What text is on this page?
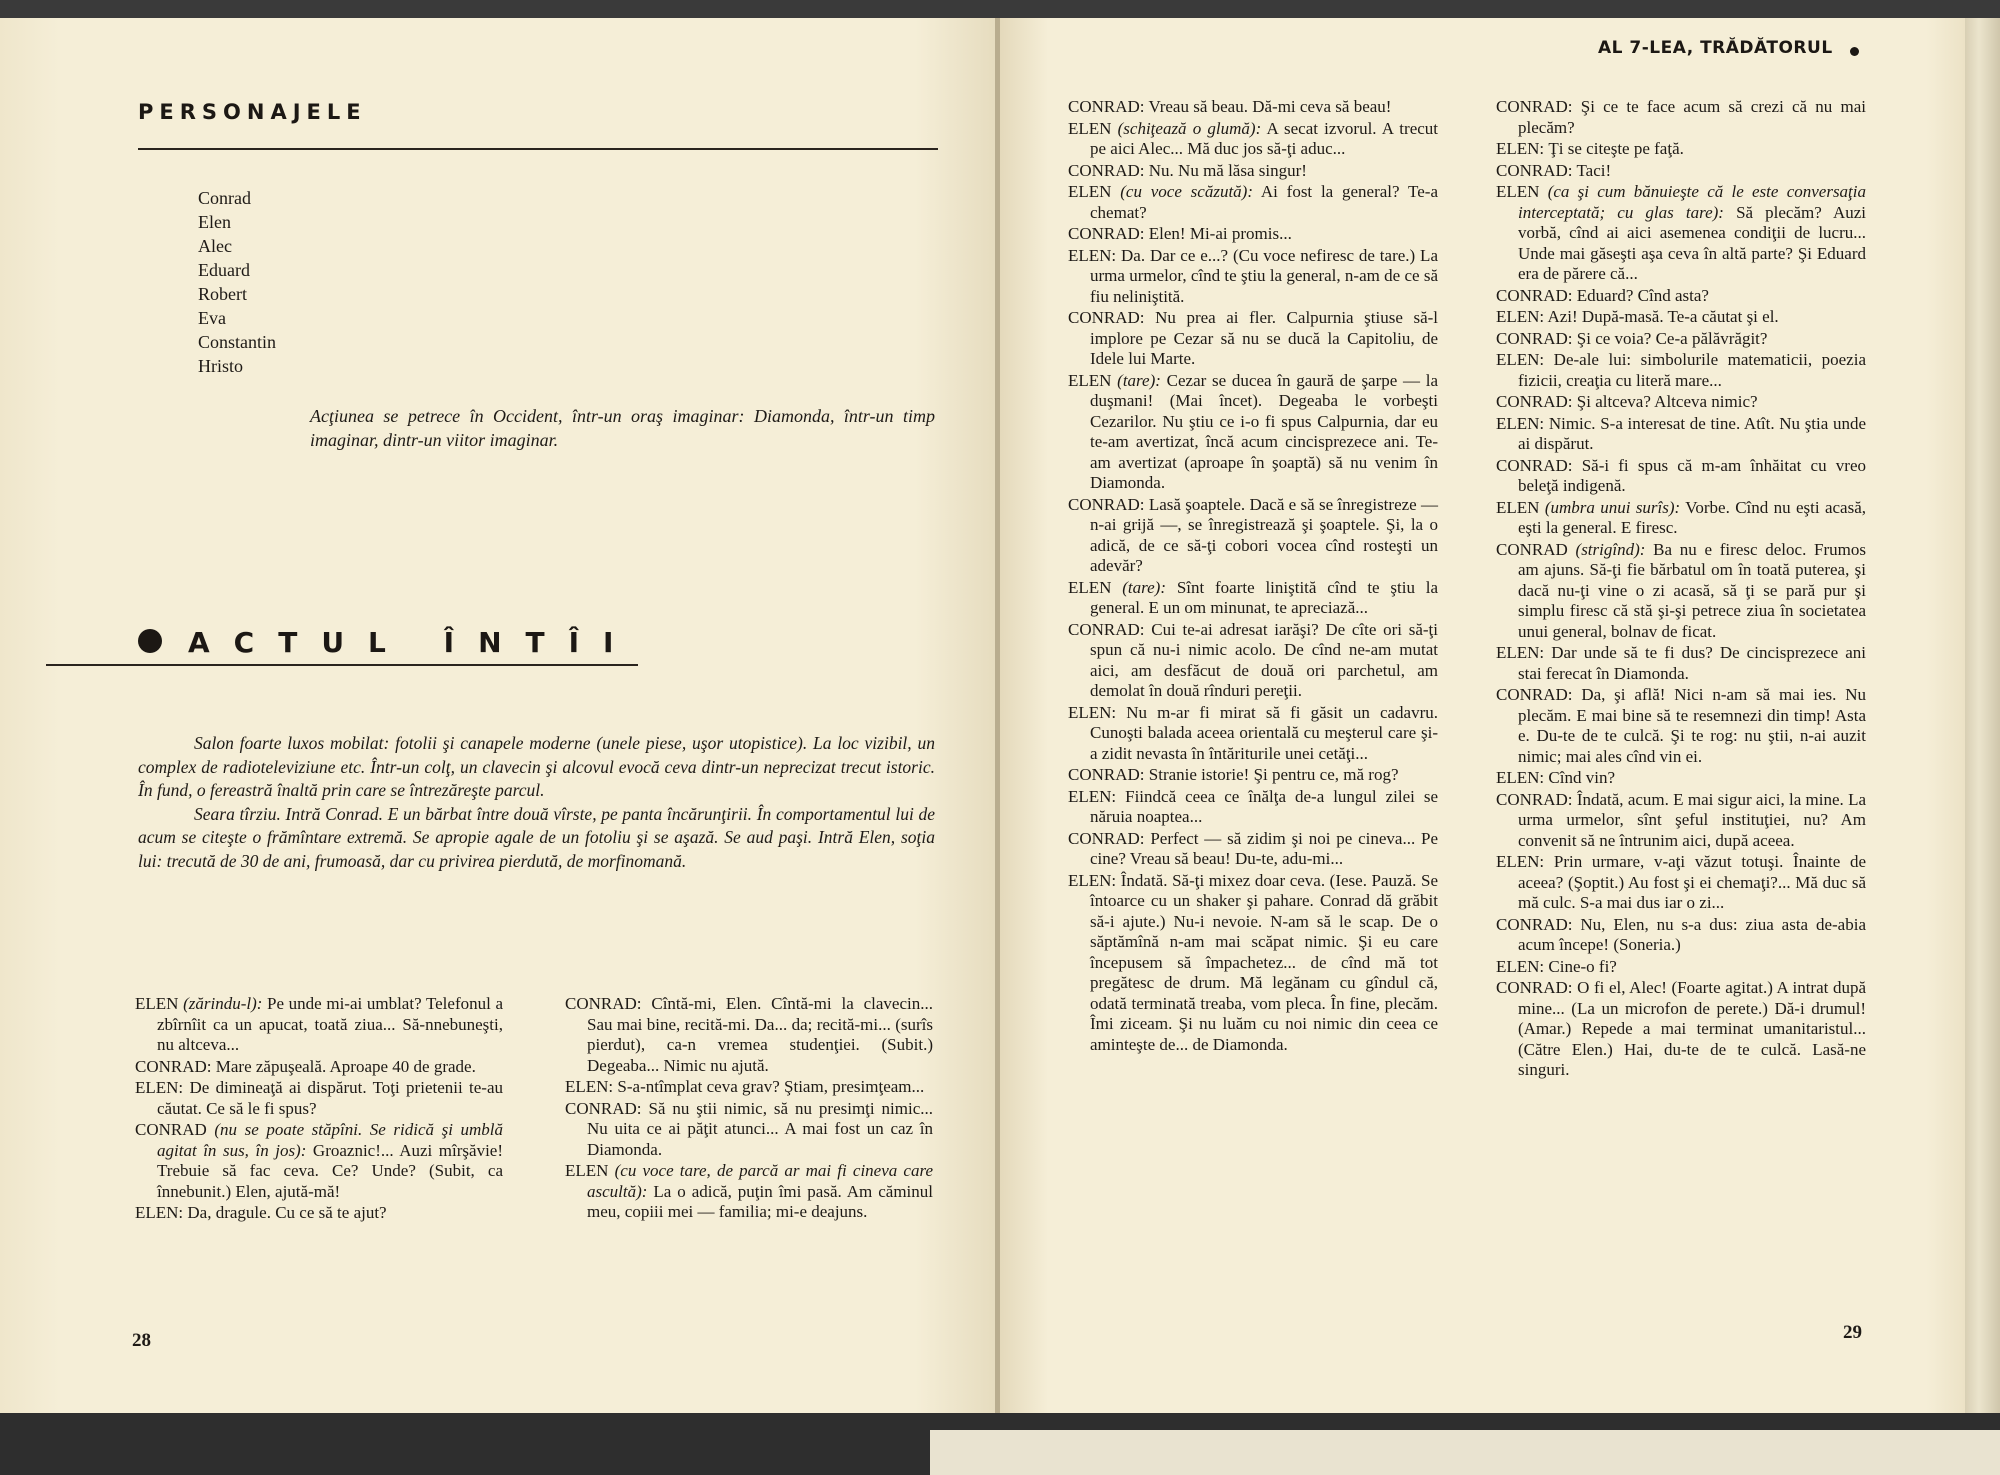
PERSONAJELE
Conrad
Elen
Alec
Eduard
Robert
Eva
Constantin
Hristo
Acţiunea se petrece în Occident, într-un oraş imaginar: Diamonda, într-un timp imaginar, dintr-un viitor imaginar.
ACTUL ÎNTÎI

Salon foarte luxos mobilat: fotolii şi canapele moderne (unele piese, uşor utopistice). La loc vizibil, un complex de radioteleviziune etc. Într-un colţ, un clavecin şi alcovul evocă ceva dintr-un neprecizat trecut istoric. În fund, o fereastră înaltă prin care se întrezăreşte parcul.

Seara tîrziu. Intră Conrad. E un bărbat între două vîrste, pe panta încărunţirii. În comportamentul lui de acum se citeşte o frămîntare extremă. Se apropie agale de un fotoliu şi se aşază. Se aud paşi. Intră Elen, soţia lui: trecută de 30 de ani, frumoasă, dar cu privirea pierdută, de morfinomană.

ELEN (zărindu-l): Pe unde mi-ai umblat? Telefonul a zbîrnîit ca un apucat, toată ziua... Să-nnebuneşti, nu altceva...

CONRAD: Mare zăpuşeală. Aproape 40 de grade.

ELEN: De dimineaţă ai dispărut. Toţi prietenii te-au căutat. Ce să le fi spus?

CONRAD (nu se poate stăpîni. Se ridică şi umblă agitat în sus, în jos): Groaznic!... Auzi mîrşăvie! Trebuie să fac ceva. Ce? Unde? (Subit, ca înnebunit.) Elen, ajută-mă!

ELEN: Da, dragule. Cu ce să te ajut?

CONRAD: Cîntă-mi, Elen. Cîntă-mi la clavecin... Sau mai bine, recită-mi. Da... da; recită-mi... (surîs pierdut), ca-n vremea studenţiei. (Subit.) Degeaba... Nimic nu ajută.

ELEN: S-a-ntîmplat ceva grav? Ştiam, presimţeam...

CONRAD: Să nu ştii nimic, să nu presimţi nimic... Nu uita ce ai păţit atunci... A mai fost un caz în Diamonda.

ELEN (cu voce tare, de parcă ar mai fi cineva care ascultă): La o adică, puţin îmi pasă. Am căminul meu, copiii mei — familia; mi-e deajuns.

28
AL 7-LEA, TRĂDĂTORUL

CONRAD: Vreau să beau. Dă-mi ceva să beau!

ELEN (schiţează o glumă): A secat izvorul. A trecut pe aici Alec... Mă duc jos să-ţi aduc...

CONRAD: Nu. Nu mă lăsa singur!

ELEN (cu voce scăzută): Ai fost la general? Te-a chemat?

CONRAD: Elen! Mi-ai promis...

ELEN: Da. Dar ce e...? (Cu voce nefiresc de tare.) La urma urmelor, cînd te ştiu la general, n-am de ce să fiu neliniştită.

CONRAD: Nu prea ai fler. Calpurnia ştiuse să-l implore pe Cezar să nu se ducă la Capitoliu, de Idele lui Marte.

ELEN (tare): Cezar se ducea în gaură de şarpe — la duşmani! (Mai încet). Degeaba le vorbeşti Cezarilor. Nu ştiu ce i-o fi spus Calpurnia, dar eu te-am avertizat, încă acum cincisprezece ani. Te-am avertizat (aproape în şoaptă) să nu venim în Diamonda.

CONRAD: Lasă şoaptele. Dacă e să se înregistreze — n-ai grijă —, se înregistrează şi şoaptele. Şi, la o adică, de ce să-ţi cobori vocea cînd rosteşti un adevăr?

ELEN (tare): Sînt foarte liniştită cînd te ştiu la general. E un om minunat, te apreciază...

CONRAD: Cui te-ai adresat iarăşi? De cîte ori să-ţi spun că nu-i nimic acolo. De cînd ne-am mutat aici, am desfăcut de două ori parchetul, am demolat în două rînduri pereţii.

ELEN: Nu m-ar fi mirat să fi găsit un cadavru. Cunoşti balada aceea orientală cu meşterul care şi-a zidit nevasta în întăriturile unei cetăţi...

CONRAD: Stranie istorie! Şi pentru ce, mă rog?

ELEN: Fiindcă ceea ce înălţa de-a lungul zilei se năruia noaptea...

CONRAD: Perfect — să zidim şi noi pe cineva... Pe cine? Vreau să beau! Du-te, adu-mi...

ELEN: Îndată. Să-ţi mixez doar ceva. (Iese. Pauză. Se întoarce cu un shaker şi pahare. Conrad dă grăbit să-i ajute.) Nu-i nevoie. N-am să le scap. De o săptămînă n-am mai scăpat nimic. Şi eu care începusem să împachetez... de cînd mă tot pregătesc de drum. Mă legănam cu gîndul că, odată terminată treaba, vom pleca. În fine, plecăm. Îmi ziceam. Şi nu luăm cu noi nimic din ceea ce aminteşte de... de Diamonda.

CONRAD: Şi ce te face acum să crezi că nu mai plecăm?

ELEN: Ţi se citeşte pe faţă.

CONRAD: Taci!

ELEN (ca şi cum bănuieşte că le este conversaţia interceptată; cu glas tare): Să plecăm? Auzi vorbă, cînd ai aici asemenea condiţii de lucru... Unde mai găseşti aşa ceva în altă parte? Şi Eduard era de părere că...

CONRAD: Eduard? Cînd asta?

ELEN: Azi! După-masă. Te-a căutat şi el.

CONRAD: Şi ce voia? Ce-a pălăvrăgit?

ELEN: De-ale lui: simbolurile matematicii, poezia fizicii, creaţia cu literă mare...

CONRAD: Şi altceva? Altceva nimic?

ELEN: Nimic. S-a interesat de tine. Atît. Nu ştia unde ai dispărut.

CONRAD: Să-i fi spus că m-am înhăitat cu vreo beleţă indigenă.

ELEN (umbra unui surîs): Vorbe. Cînd nu eşti acasă, eşti la general. E firesc.

CONRAD (strigînd): Ba nu e firesc deloc. Frumos am ajuns. Să-ţi fie bărbatul om în toată puterea, şi dacă nu-ţi vine o zi acasă, să ţi se pară pur şi simplu firesc că stă şi-şi petrece ziua în societatea unui general, bolnav de ficat.

ELEN: Dar unde să te fi dus? De cincisprezece ani stai ferecat în Diamonda.

CONRAD: Da, şi află! Nici n-am să mai ies. Nu plecăm. E mai bine să te resemnezi din timp! Asta e. Du-te de te culcă. Şi te rog: nu ştii, n-ai auzit nimic; mai ales cînd vin ei.

ELEN: Cînd vin?

CONRAD: Îndată, acum. E mai sigur aici, la mine. La urma urmelor, sînt şeful instituţiei, nu? Am convenit să ne întrunim aici, după aceea.

ELEN: Prin urmare, v-aţi văzut totuşi. Înainte de aceea? (Şoptit.) Au fost şi ei chemaţi?... Mă duc să mă culc. S-a mai dus iar o zi...

CONRAD: Nu, Elen, nu s-a dus: ziua asta de-abia acum începe! (Soneria.)

ELEN: Cine-o fi?

CONRAD: O fi el, Alec! (Foarte agitat.) A intrat după mine... (La un microfon de perete.) Dă-i drumul! (Amar.) Repede a mai terminat umanitaristul... (Către Elen.) Hai, du-te de te culcă. Lasă-ne singuri.

29
